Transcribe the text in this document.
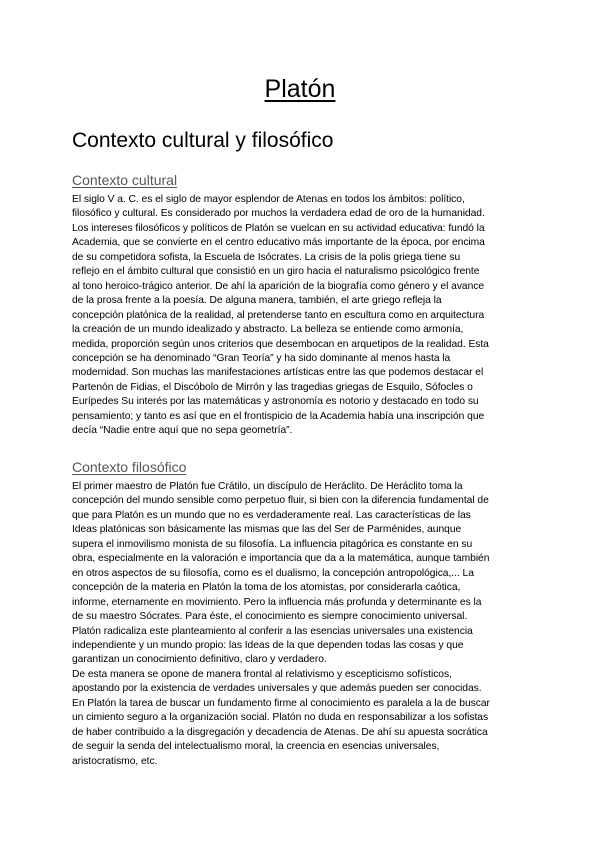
Platón
Contexto cultural y filosófico
Contexto cultural
El siglo V a. C. es el siglo de mayor esplendor de Atenas en todos los ámbitos: político,
filosófico y cultural. Es considerado por muchos la verdadera edad de oro de la humanidad.
Los intereses filosóficos y políticos de Platón se vuelcan en su actividad educativa: fundó la
Academia, que se convierte en el centro educativo más importante de la época, por encima
de su competidora sofista, la Escuela de Isócrates. La crisis de la polis griega tiene su
reflejo en el ámbito cultural que consistió en un giro hacia el naturalismo psicológico frente
al tono heroico-trágico anterior. De ahí la aparición de la biografía como género y el avance
de la prosa frente a la poesía. De alguna manera, también, el arte griego refleja la
concepción platónica de la realidad, al pretenderse tanto en escultura como en arquitectura
la creación de un mundo idealizado y abstracto. La belleza se entiende como armonía,
medida, proporción según unos criterios que desembocan en arquetipos de la realidad. Esta
concepción se ha denominado “Gran Teoría” y ha sido dominante al menos hasta la
modernidad. Son muchas las manifestaciones artísticas entre las que podemos destacar el
Partenón de Fidias, el Discóbolo de Mirrón y las tragedias griegas de Esquilo, Sófocles o
Eurípedes Su interés por las matemáticas y astronomía es notorio y destacado en todo su
pensamiento; y tanto es así que en el frontispicio de la Academia había una inscripción que
decía “Nadie entre aquí que no sepa geometría”.
Contexto filosófico
El primer maestro de Platón fue Crátilo, un discípulo de Heráclito. De Heráclito toma la
concepción del mundo sensible como perpetuo fluir, si bien con la diferencia fundamental de
que para Platón es un mundo que no es verdaderamente real. Las características de las
Ideas platónicas son básicamente las mismas que las del Ser de Parménides, aunque
supera el inmovilismo monista de su filosofía. La influencia pitagórica es constante en su
obra, especialmente en la valoración e importancia que da a la matemática, aunque también
en otros aspectos de su filosofía, como es el dualismo, la concepción antropológica,... La
concepción de la materia en Platón la toma de los atomistas, por considerarla caótica,
informe, eternamente en movimiento. Pero la influencia más profunda y determinante es la
de su maestro Sócrates. Para éste, el conocimiento es siempre conocimiento universal.
Platón radicaliza este planteamiento al conferir a las esencias universales una existencia
independiente y un mundo propio: las Ideas de la que dependen todas las cosas y que
garantizan un conocimiento definitivo, claro y verdadero.
De esta manera se opone de manera frontal al relativismo y escepticismo sofísticos,
apostando por la existencia de verdades universales y que además pueden ser conocidas.
En Platón la tarea de buscar un fundamento firme al conocimiento es paralela a la de buscar
un cimiento seguro a la organización social. Platón no duda en responsabilizar a los sofistas
de haber contribuido a la disgregación y decadencia de Atenas. De ahí su apuesta socrática
de seguir la senda del intelectualismo moral, la creencia en esencias universales,
aristocratismo, etc.
